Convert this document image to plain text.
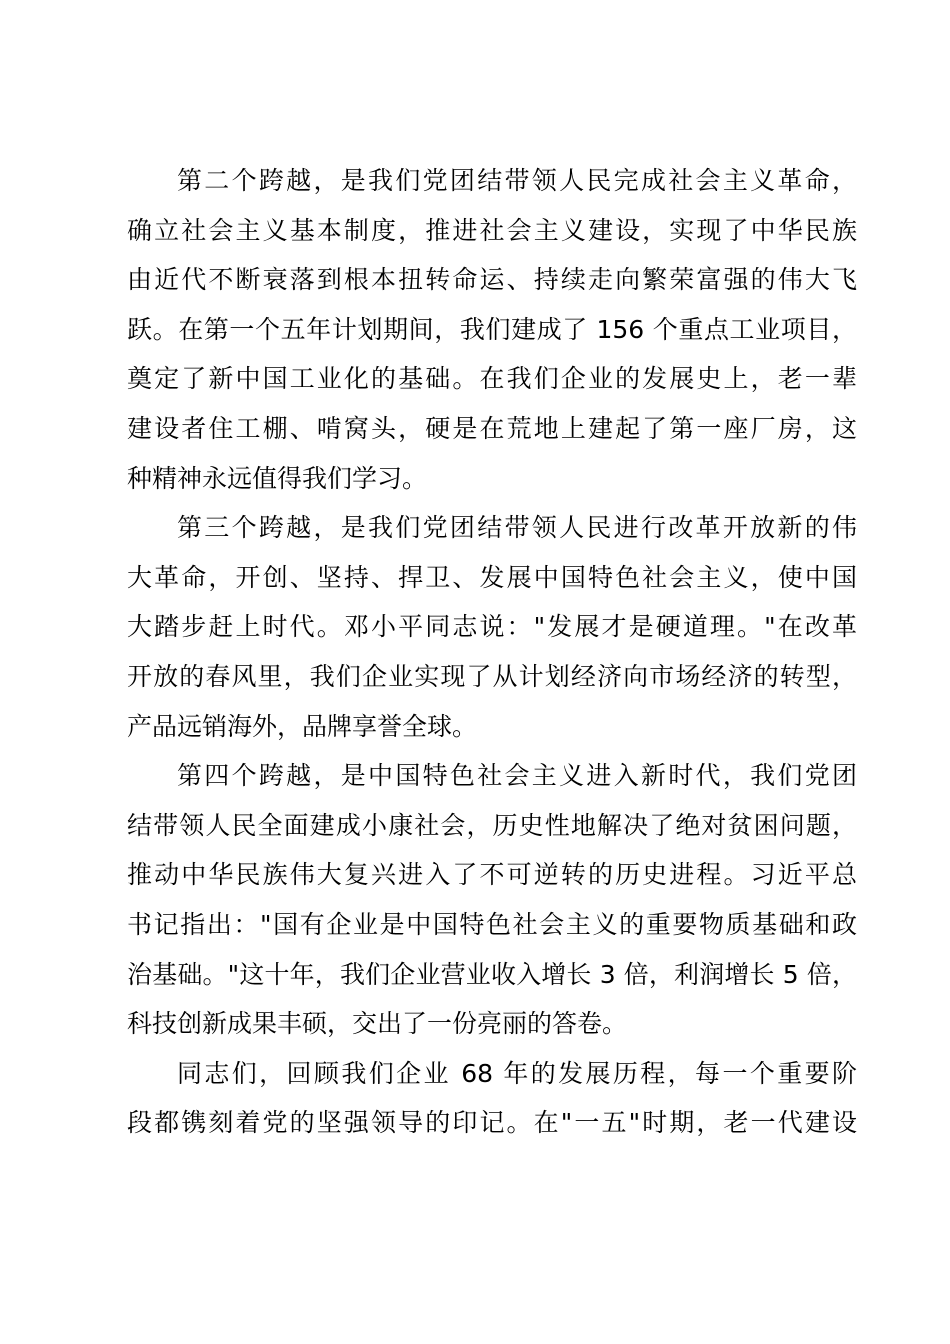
第二个跨越，是我们党团结带领人民完成社会主义革命，
确立社会主义基本制度，推进社会主义建设，实现了中华民族
由近代不断衰落到根本扭转命运、持续走向繁荣富强的伟大飞
跃。在第一个五年计划期间，我们建成了 156 个重点工业项目，
奠定了新中国工业化的基础。在我们企业的发展史上，老一辈
建设者住工棚、啃窝头，硬是在荒地上建起了第一座厂房，这
种精神永远值得我们学习。
第三个跨越，是我们党团结带领人民进行改革开放新的伟
大革命，开创、坚持、捍卫、发展中国特色社会主义，使中国
大踏步赶上时代。邓小平同志说："发展才是硬道理。"在改革
开放的春风里，我们企业实现了从计划经济向市场经济的转型，
产品远销海外，品牌享誉全球。
第四个跨越，是中国特色社会主义进入新时代，我们党团
结带领人民全面建成小康社会，历史性地解决了绝对贫困问题，
推动中华民族伟大复兴进入了不可逆转的历史进程。习近平总
书记指出："国有企业是中国特色社会主义的重要物质基础和政
治基础。"这十年，我们企业营业收入增长 3 倍，利润增长 5 倍，
科技创新成果丰硕，交出了一份亮丽的答卷。
同志们，回顾我们企业 68 年的发展历程，每一个重要阶
段都镌刻着党的坚强领导的印记。在"一五"时期，老一代建设
